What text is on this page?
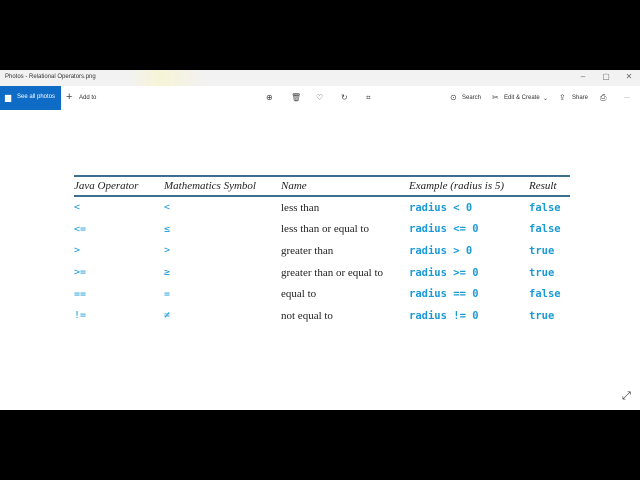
Photos - Relational Operators.png	–	▢	✕
▆ See all photos + Add to	⊕ 🗑 ♡ ↻ ⌗	⊙ Search ✂ Edit & Create ⌄ ⇪ Share ⎙	···
Java Operator	Mathematics Symbol	Name	Example (radius is 5)	Result
<	<	less than	radius < 0	false
<=	≤	less than or equal to	radius <= 0	false
>	>	greater than	radius > 0	true
>=	≥	greater than or equal to	radius >= 0	true
==	=	equal to	radius == 0	false
!=	≠	not equal to	radius != 0	true
⤢
